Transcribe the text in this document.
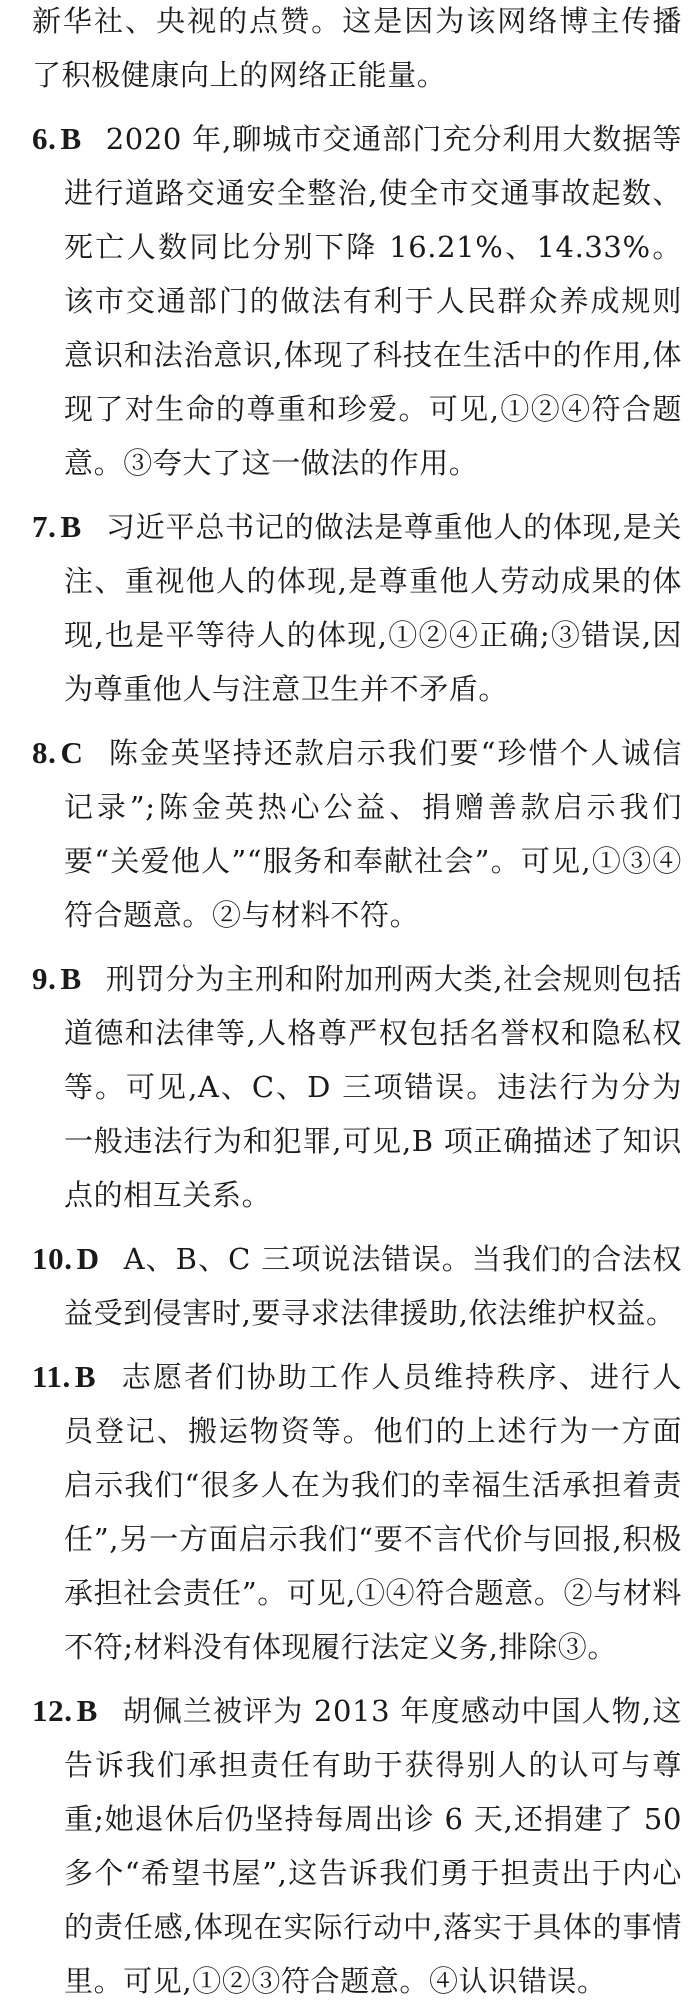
新华社、央视的点赞。这是因为该网络博主传播了积极健康向上的网络正能量。
6. B 2020 年,聊城市交通部门充分利用大数据等进行道路交通安全整治,使全市交通事故起数、死亡人数同比分别下降 16.21%、14.33%。该市交通部门的做法有利于人民群众养成规则意识和法治意识,体现了科技在生活中的作用,体现了对生命的尊重和珍爱。可见,①②④符合题意。③夸大了这一做法的作用。
7. B 习近平总书记的做法是尊重他人的体现,是关注、重视他人的体现,是尊重他人劳动成果的体现,也是平等待人的体现,①②④正确;③错误,因为尊重他人与注意卫生并不矛盾。
8. C 陈金英坚持还款启示我们要“珍惜个人诚信记录”;陈金英热心公益、捐赠善款启示我们要“关爱他人”“服务和奉献社会”。可见,①③④符合题意。②与材料不符。
9. B 刑罚分为主刑和附加刑两大类,社会规则包括道德和法律等,人格尊严权包括名誉权和隐私权等。可见,A、C、D 三项错误。违法行为分为一般违法行为和犯罪,可见,B 项正确描述了知识点的相互关系。
10. D A、B、C 三项说法错误。当我们的合法权益受到侵害时,要寻求法律援助,依法维护权益。
11. B 志愿者们协助工作人员维持秩序、进行人员登记、搬运物资等。他们的上述行为一方面启示我们“很多人在为我们的幸福生活承担着责任”,另一方面启示我们“要不言代价与回报,积极承担社会责任”。可见,①④符合题意。②与材料不符;材料没有体现履行法定义务,排除③。
12. B 胡佩兰被评为 2013 年度感动中国人物,这告诉我们承担责任有助于获得别人的认可与尊重;她退休后仍坚持每周出诊 6 天,还捐建了 50 多个“希望书屋”,这告诉我们勇于担责出于内心的责任感,体现在实际行动中,落实于具体的事情里。可见,①②③符合题意。④认识错误。
